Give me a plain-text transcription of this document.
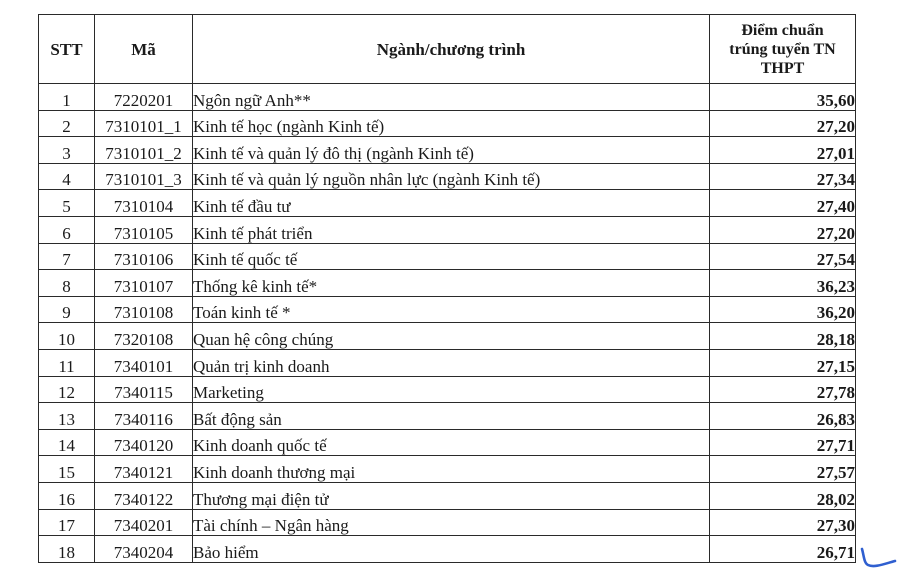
STT	Mã	Ngành/chương trình	Điểm chuẩn
trúng tuyển TN
THPT

1	7220201	Ngôn ngữ Anh**	35,60
2	7310101_1	Kinh tế học (ngành Kinh tế)	27,20
3	7310101_2	Kinh tế và quản lý đô thị (ngành Kinh tế)	27,01
4	7310101_3	Kinh tế và quản lý nguồn nhân lực (ngành Kinh tế)	27,34
5	7310104	Kinh tế đầu tư	27,40
6	7310105	Kinh tế phát triển	27,20
7	7310106	Kinh tế quốc tế	27,54
8	7310107	Thống kê kinh tế*	36,23
9	7310108	Toán kinh tế *	36,20
10	7320108	Quan hệ công chúng	28,18
11	7340101	Quản trị kinh doanh	27,15
12	7340115	Marketing	27,78
13	7340116	Bất động sản	26,83
14	7340120	Kinh doanh quốc tế	27,71
15	7340121	Kinh doanh thương mại	27,57
16	7340122	Thương mại điện tử	28,02
17	7340201	Tài chính – Ngân hàng	27,30
18	7340204	Bảo hiểm	26,71
